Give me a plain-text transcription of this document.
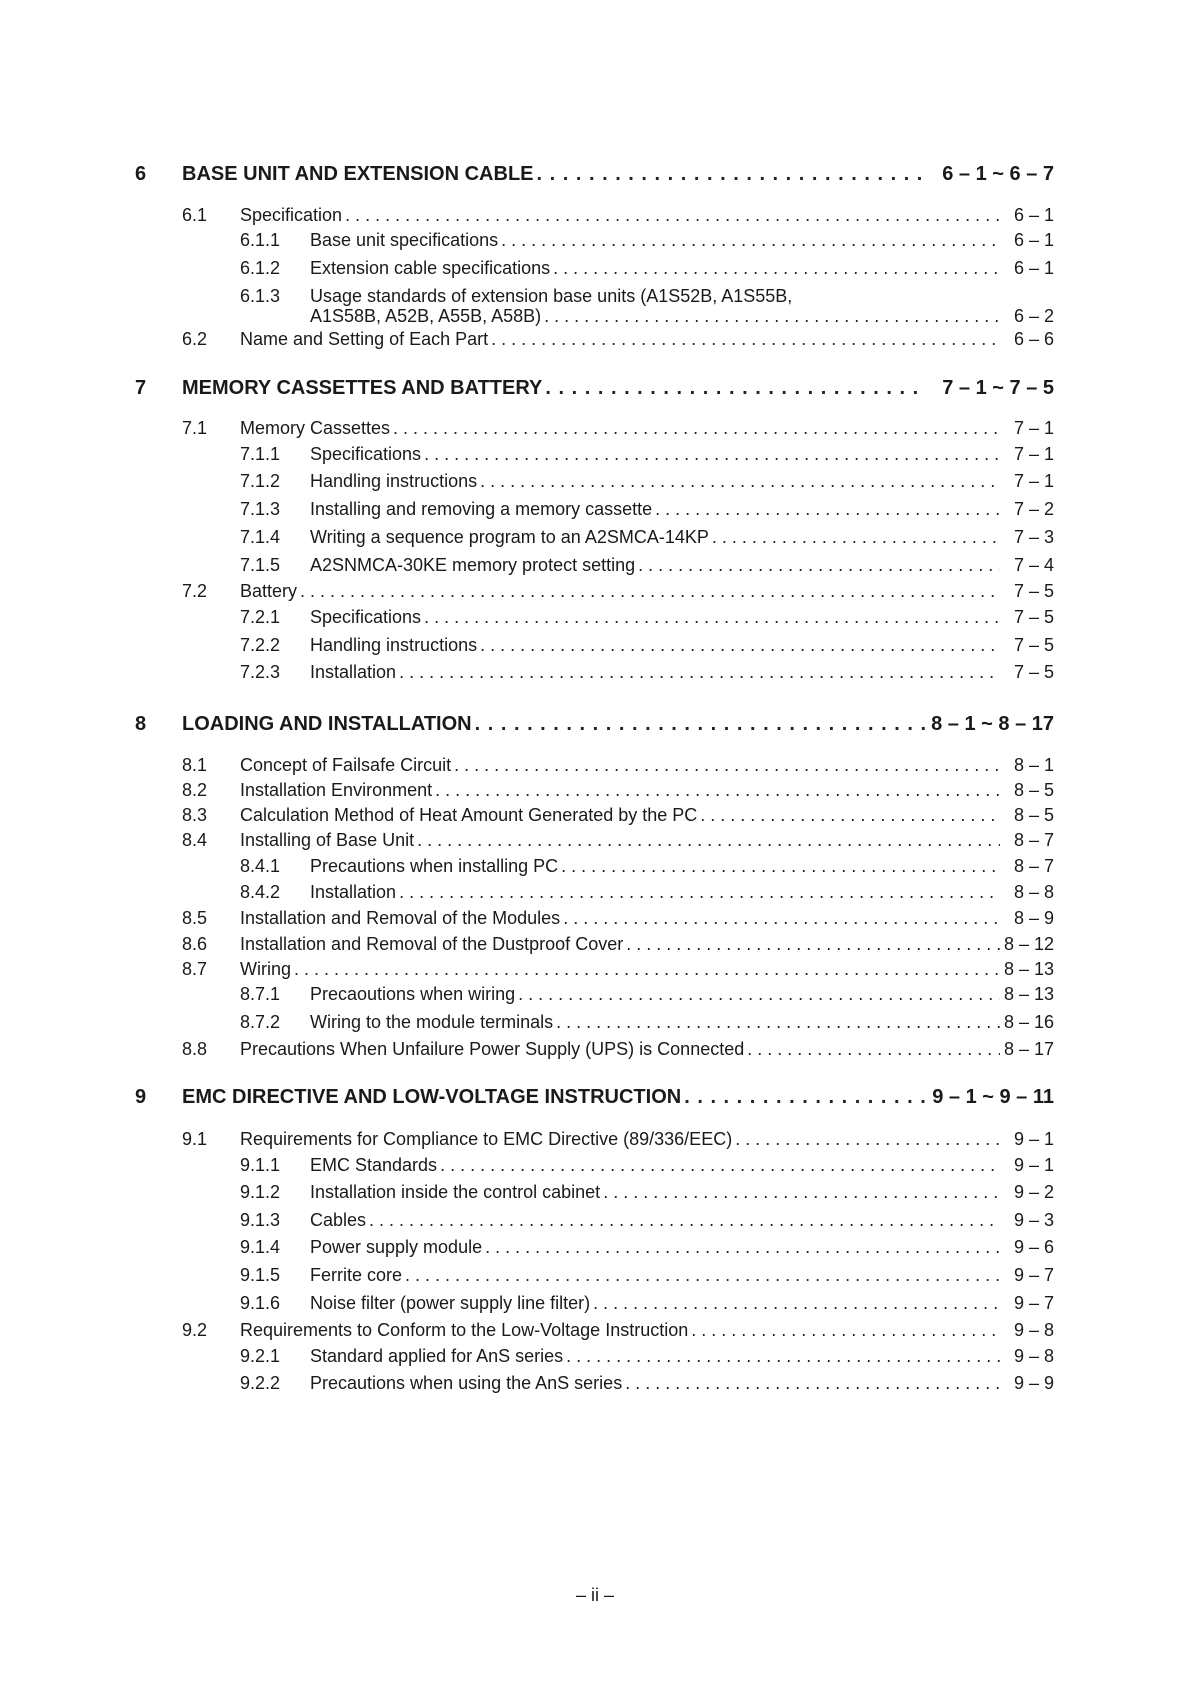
6 BASE UNIT AND EXTENSION CABLE . . .	6 – 1 ~ 6 – 7
6.1 Specification . . .	6 – 1
6.1.1 Base unit specifications . . .	6 – 1
6.1.2 Extension cable specifications . . .	6 – 1
6.1.3 Usage standards of extension base units (A1S52B, A1S55B,
A1S58B, A52B, A55B, A58B) . . .	6 – 2
6.2 Name and Setting of Each Part . . .	6 – 6
7 MEMORY CASSETTES AND BATTERY . . .	7 – 1 ~ 7 – 5
7.1 Memory Cassettes . . .	7 – 1
7.1.1 Specifications . . .	7 – 1
7.1.2 Handling instructions . . .	7 – 1
7.1.3 Installing and removing a memory cassette . . .	7 – 2
7.1.4 Writing a sequence program to an A2SMCA-14KP . . .	7 – 3
7.1.5 A2SNMCA-30KE memory protect setting . . .	7 – 4
7.2 Battery . . .	7 – 5
7.2.1 Specifications . . .	7 – 5
7.2.2 Handling instructions . . .	7 – 5
7.2.3 Installation . . .	7 – 5
8 LOADING AND INSTALLATION . . .	8 – 1 ~ 8 – 17
8.1 Concept of Failsafe Circuit . . .	8 – 1
8.2 Installation Environment . . .	8 – 5
8.3 Calculation Method of Heat Amount Generated by the PC . . .	8 – 5
8.4 Installing of Base Unit . . .	8 – 7
8.4.1 Precautions when installing PC . . .	8 – 7
8.4.2 Installation . . .	8 – 8
8.5 Installation and Removal of the Modules . . .	8 – 9
8.6 Installation and Removal of the Dustproof Cover . . .	8 – 12
8.7 Wiring . . .	8 – 13
8.7.1 Precaoutions when wiring . . .	8 – 13
8.7.2 Wiring to the module terminals . . .	8 – 16
8.8 Precautions When Unfailure Power Supply (UPS) is Connected . . .	8 – 17
9 EMC DIRECTIVE AND LOW-VOLTAGE INSTRUCTION . . .	9 – 1 ~ 9 – 11
9.1 Requirements for Compliance to EMC Directive (89/336/EEC) . . .	9 – 1
9.1.1 EMC Standards . . .	9 – 1
9.1.2 Installation inside the control cabinet . . .	9 – 2
9.1.3 Cables . . .	9 – 3
9.1.4 Power supply module . . .	9 – 6
9.1.5 Ferrite core . . .	9 – 7
9.1.6 Noise filter (power supply line filter) . . .	9 – 7
9.2 Requirements to Conform to the Low-Voltage Instruction . . .	9 – 8
9.2.1 Standard applied for AnS series . . .	9 – 8
9.2.2 Precautions when using the AnS series . . .	9 – 9
– ii –
